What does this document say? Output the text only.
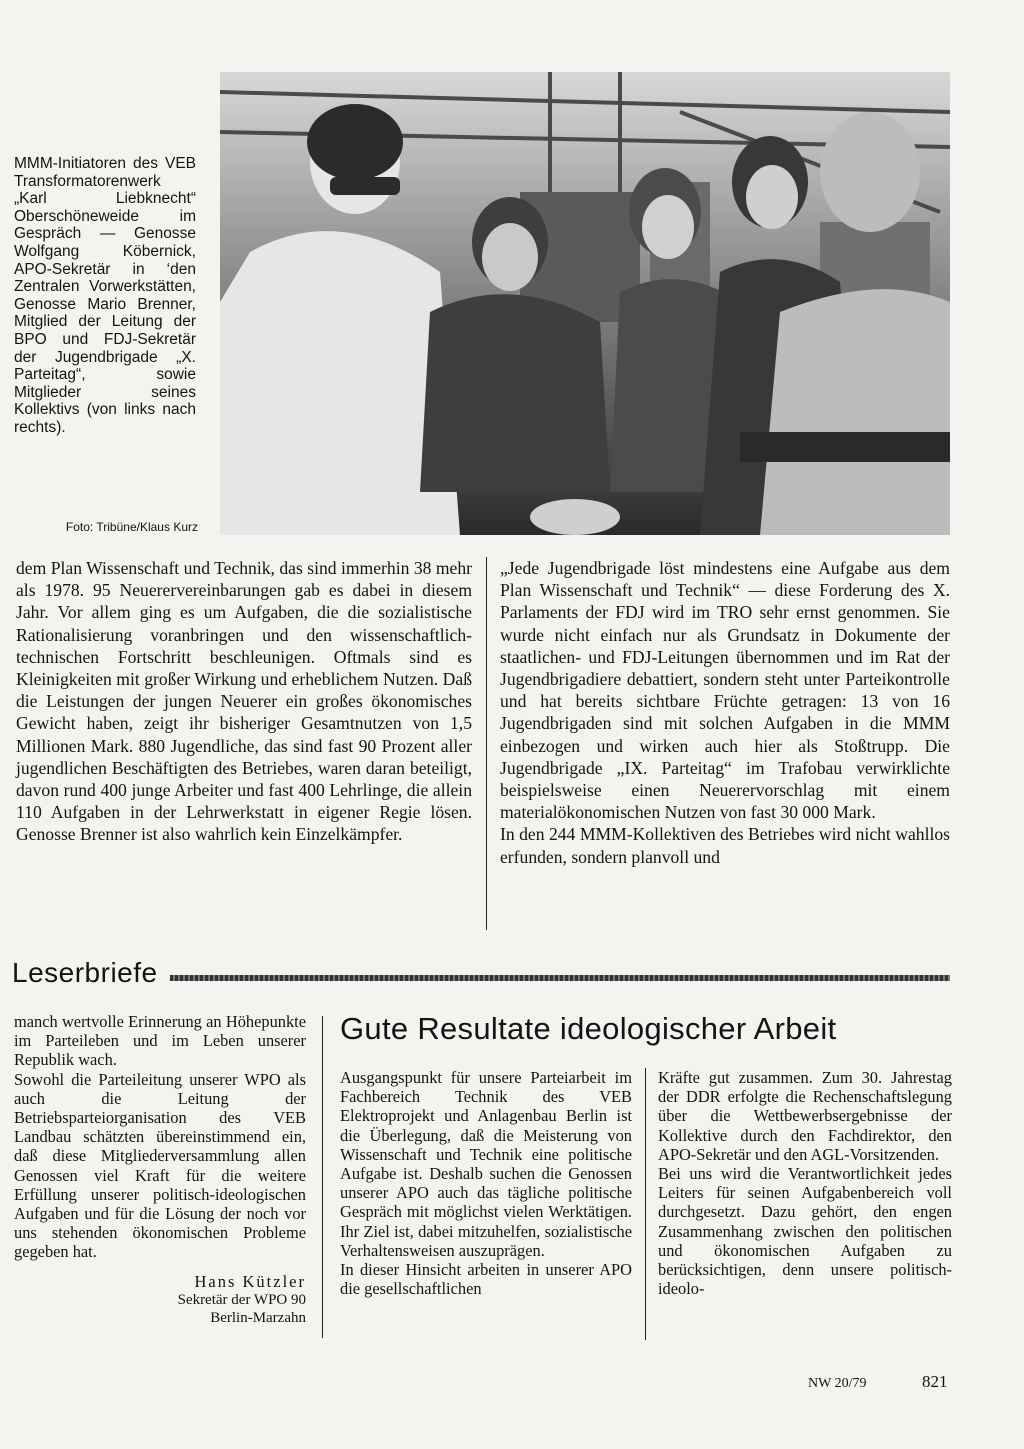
MMM-Initiatoren des VEB Transformatorenwerk „Karl Liebknecht“ Oberschöneweide im Gespräch — Genosse Wolfgang Köbernick, APO-Sekretär in ‘den Zentralen Vorwerkstätten, Genosse Mario Brenner, Mitglied der Leitung der BPO und FDJ-Sekretär der Jugendbrigade „X. Parteitag“, sowie Mitglieder seines Kollektivs (von links nach rechts).
Foto: Tribüne/Klaus Kurz

dem Plan Wissenschaft und Technik, das sind immerhin 38 mehr als 1978. 95 Neuerervereinbarungen gab es dabei in diesem Jahr. Vor allem ging es um Aufgaben, die die sozialistische Rationalisierung voranbringen und den wissenschaftlich-technischen Fortschritt beschleunigen. Oftmals sind es Kleinigkeiten mit großer Wirkung und erheblichem Nutzen. Daß die Leistungen der jungen Neuerer ein großes ökonomisches Gewicht haben, zeigt ihr bisheriger Gesamtnutzen von 1,5 Millionen Mark. 880 Jugendliche, das sind fast 90 Prozent aller jugendlichen Beschäftigten des Betriebes, waren daran beteiligt, davon rund 400 junge Arbeiter und fast 400 Lehrlinge, die allein 110 Aufgaben in der Lehrwerkstatt in eigener Regie lösen. Genosse Brenner ist also wahrlich kein Einzelkämpfer.

„Jede Jugendbrigade löst mindestens eine Aufgabe aus dem Plan Wissenschaft und Technik“ — diese Forderung des X. Parlaments der FDJ wird im TRO sehr ernst genommen. Sie wurde nicht einfach nur als Grundsatz in Dokumente der staatlichen- und FDJ-Leitungen übernommen und im Rat der Jugendbrigadiere debattiert, sondern steht unter Parteikontrolle und hat bereits sichtbare Früchte getragen: 13 von 16 Jugendbrigaden sind mit solchen Aufgaben in die MMM einbezogen und wirken auch hier als Stoßtrupp. Die Jugendbrigade „IX. Parteitag“ im Trafobau verwirklichte beispielsweise einen Neuerervorschlag mit einem materialökonomischen Nutzen von fast 30 000 Mark.

In den 244 MMM-Kollektiven des Betriebes wird nicht wahllos erfunden, sondern planvoll und

Leserbriefe

manch wertvolle Erinnerung an Höhepunkte im Parteileben und im Leben unserer Republik wach.

Sowohl die Parteileitung unserer WPO als auch die Leitung der Betriebsparteiorganisation des VEB Landbau schätzten übereinstimmend ein, daß diese Mitgliederversammlung allen Genossen viel Kraft für die weitere Erfüllung unserer politisch-ideologischen Aufgaben und für die Lösung der noch vor uns stehenden ökonomischen Probleme gegeben hat.

Hans Kützler
Sekretär der WPO 90
Berlin-Marzahn
Gute Resultate ideologischer Arbeit

Ausgangspunkt für unsere Parteiarbeit im Fachbereich Technik des VEB Elektroprojekt und Anlagenbau Berlin ist die Überlegung, daß die Meisterung von Wissenschaft und Technik eine politische Aufgabe ist. Deshalb suchen die Genossen unserer APO auch das tägliche politische Gespräch mit möglichst vielen Werktätigen. Ihr Ziel ist, dabei mitzuhelfen, sozialistische Verhaltensweisen auszuprägen.

In dieser Hinsicht arbeiten in unserer APO die gesellschaftlichen

Kräfte gut zusammen. Zum 30. Jahrestag der DDR erfolgte die Rechenschaftslegung über die Wettbewerbsergebnisse der Kollektive durch den Fachdirektor, den APO-Sekretär und den AGL-Vorsitzenden.

Bei uns wird die Verantwortlichkeit jedes Leiters für seinen Aufgabenbereich voll durchgesetzt. Dazu gehört, den engen Zusammenhang zwischen den politischen und ökonomischen Aufgaben zu berücksichtigen, denn unsere politisch-ideolo-

NW 20/79	821
